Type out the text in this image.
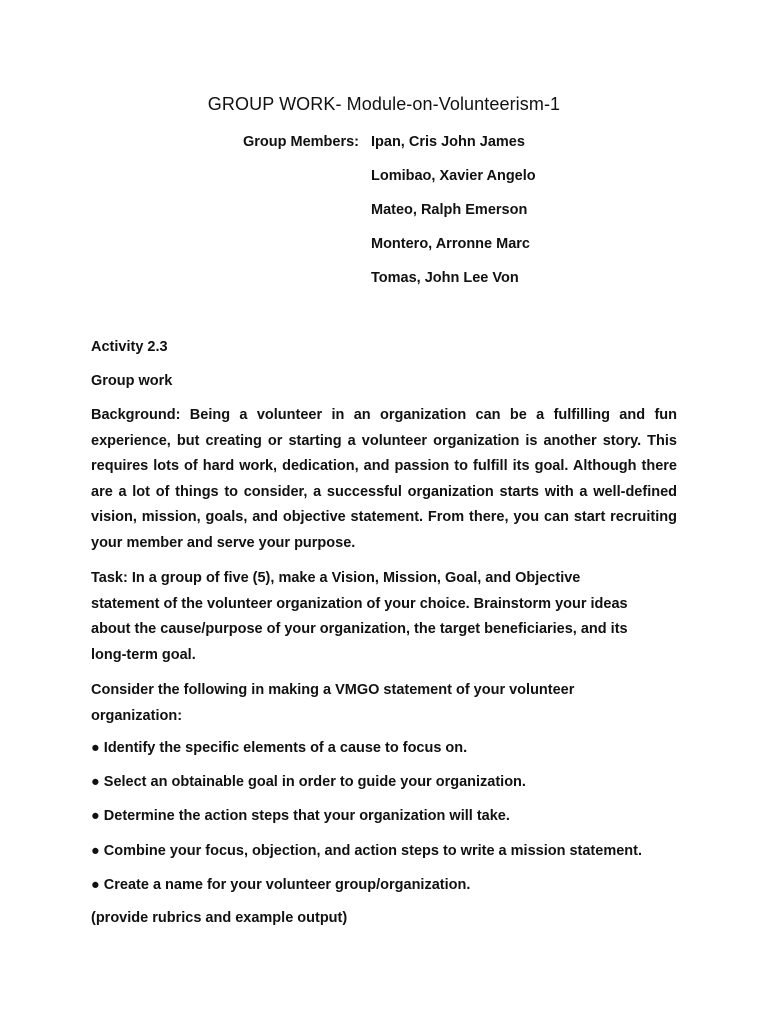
GROUP WORK- Module-on-Volunteerism-1
Group Members: Ipan, Cris John James
Lomibao, Xavier Angelo
Mateo, Ralph Emerson
Montero, Arronne Marc
Tomas, John Lee Von
Activity 2.3
Group work
Background: Being a volunteer in an organization can be a fulfilling and fun experience, but creating or starting a volunteer organization is another story. This requires lots of hard work, dedication, and passion to fulfill its goal. Although there are a lot of things to consider, a successful organization starts with a well-defined vision, mission, goals, and objective statement. From there, you can start recruiting your member and serve your purpose.
Task: In a group of five (5), make a Vision, Mission, Goal, and Objective statement of the volunteer organization of your choice. Brainstorm your ideas about the cause/purpose of your organization, the target beneficiaries, and its long-term goal.
Consider the following in making a VMGO statement of your volunteer organization:
● Identify the specific elements of a cause to focus on.
● Select an obtainable goal in order to guide your organization.
● Determine the action steps that your organization will take.
● Combine your focus, objection, and action steps to write a mission statement.
● Create a name for your volunteer group/organization.
(provide rubrics and example output)
